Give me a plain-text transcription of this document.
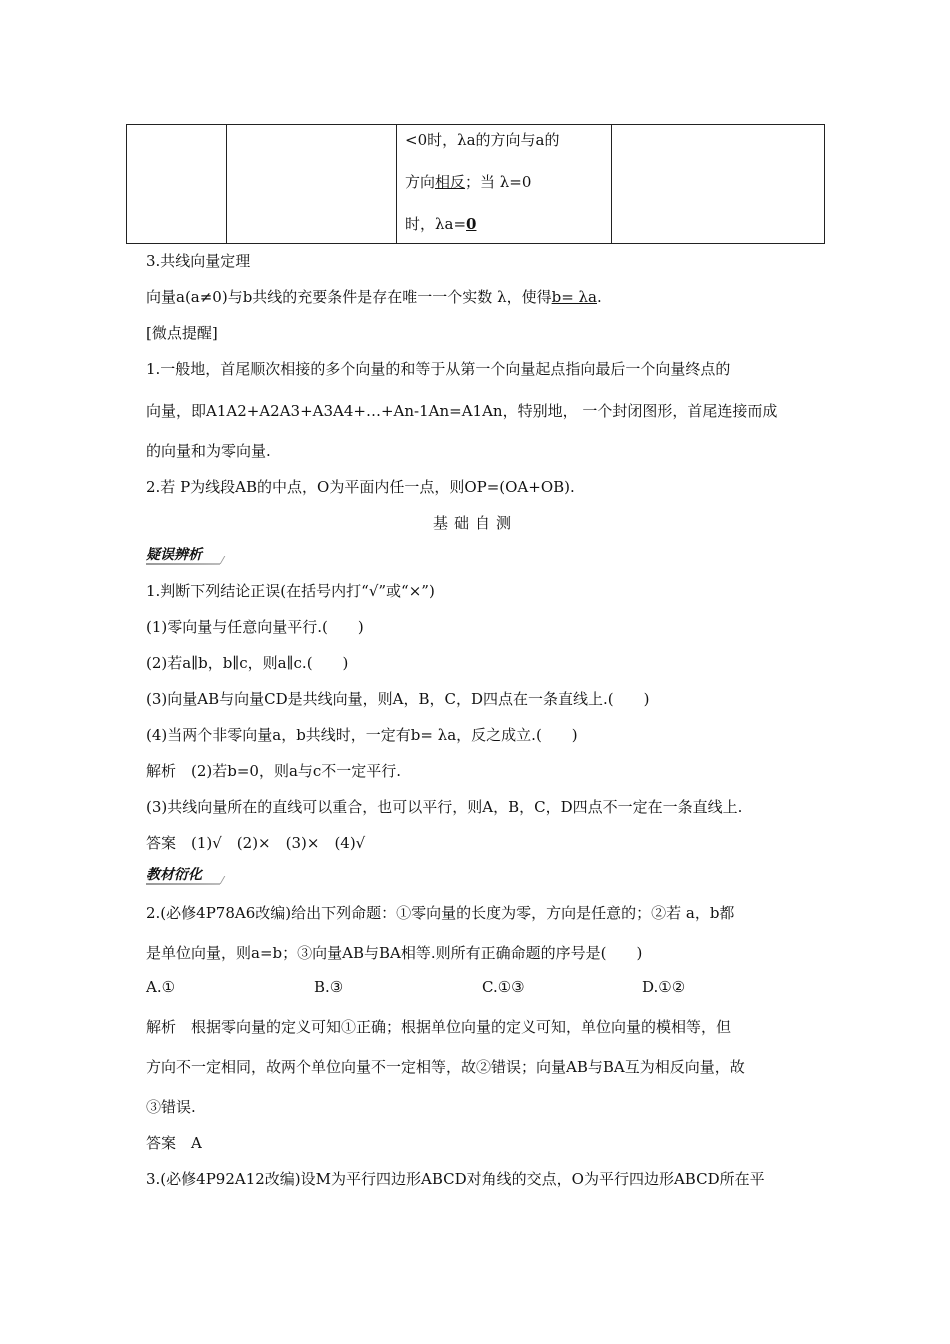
<0时，λa的方向与a的
方向相反；当 λ=0
时，λa=0

3.共线向量定理
向量a(a≠0)与b共线的充要条件是存在唯一一个实数 λ，使得b= λa.
[微点提醒]
1.一般地，首尾顺次相接的多个向量的和等于从第一个向量起点指向最后一个向量终点的
向量，即A1A2+A2A3+A3A4+…+An-1An=A1An，特别地， 一个封闭图形，首尾连接而成
的向量和为零向量.
2.若 P为线段AB的中点，O为平面内任一点，则OP=(OA+OB).
基础自测
疑误辨析
1.判断下列结论正误(在括号内打“√”或“×”)
(1)零向量与任意向量平行.(　　)
(2)若a∥b，b∥c，则a∥c.(　　)
(3)向量AB与向量CD是共线向量，则A，B，C，D四点在一条直线上.(　　)
(4)当两个非零向量a，b共线时，一定有b= λa，反之成立.(　　)
解析　(2)若b=0，则a与c不一定平行.
(3)共线向量所在的直线可以重合，也可以平行，则A，B，C，D四点不一定在一条直线上.
答案　(1)√　(2)×　(3)×　(4)√
教材衍化
2.(必修4P78A6改编)给出下列命题：①零向量的长度为零，方向是任意的；②若 a，b都
是单位向量，则a=b；③向量AB与BA相等.则所有正确命题的序号是(　　)
A.①	B.③	C.①③	D.①②
解析　根据零向量的定义可知①正确；根据单位向量的定义可知，单位向量的模相等，但
方向不一定相同，故两个单位向量不一定相等，故②错误；向量AB与BA互为相反向量，故
③错误.
答案　A
3.(必修4P92A12改编)设M为平行四边形ABCD对角线的交点，O为平行四边形ABCD所在平
